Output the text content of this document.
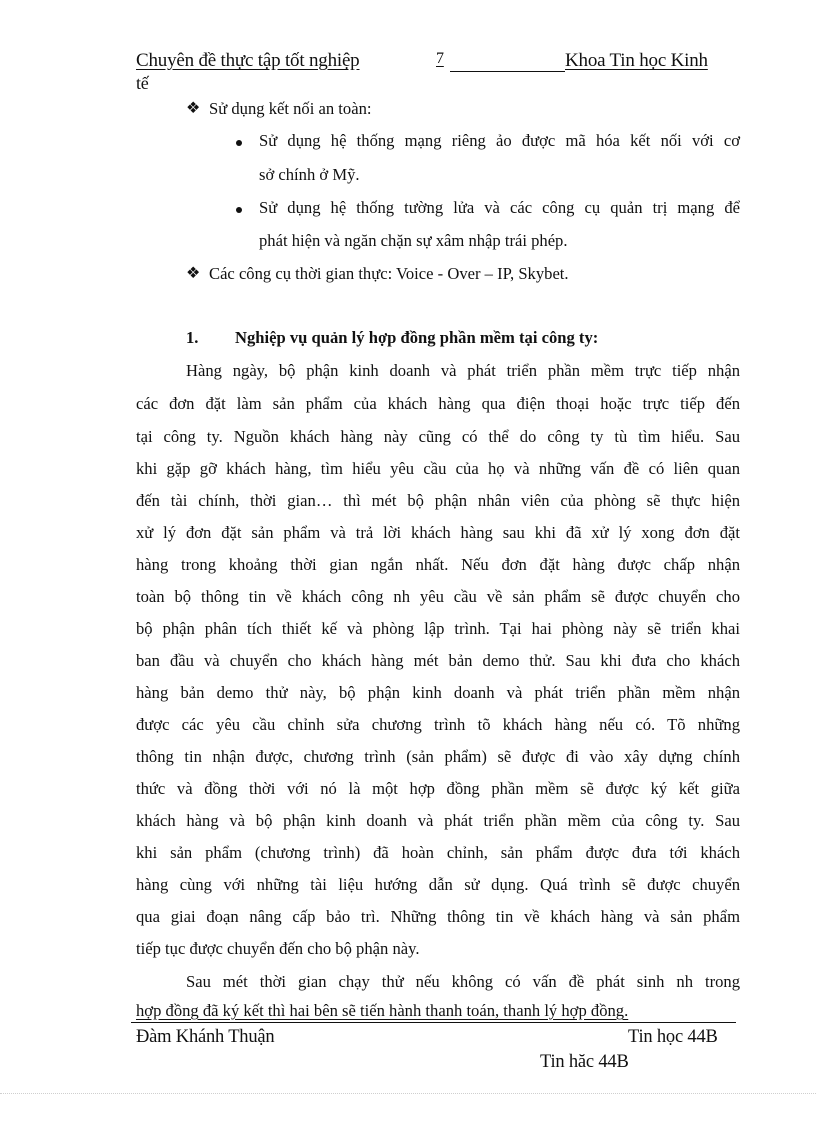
Chuyên đề thực tập tốt nghiệp	7	Khoa Tin học Kinh
tế
❖ Sử dụng kết nối an toàn:
Sử dụng hệ thống mạng riêng ảo được mã hóa kết nối với cơ
sở chính ở Mỹ.
Sử dụng hệ thống tường lửa và các công cụ quản trị mạng để
phát hiện và ngăn chặn sự xâm nhập trái phép.
❖ Các công cụ thời gian thực: Voice - Over – IP, Skybet.
1. Nghiệp vụ quản lý hợp đồng phần mềm tại công ty:
Hàng ngày, bộ phận kinh doanh và phát triển phần mềm trực tiếp nhận
các đơn đặt làm sản phẩm của khách hàng qua điện thoại hoặc trực tiếp đến
tại công ty. Nguồn khách hàng này cũng có thể do công ty tù tìm hiểu. Sau
khi gặp gỡ khách hàng, tìm hiểu yêu cầu của họ và những vấn đề có liên quan
đến tài chính, thời gian… thì mét bộ phận nhân viên của phòng sẽ thực hiện
xử lý đơn đặt sản phẩm và trả lời khách hàng sau khi đã xử lý xong đơn đặt
hàng trong khoảng thời gian ngắn nhất. Nếu đơn đặt hàng được chấp nhận
toàn bộ thông tin về khách công nh yêu cầu về sản phẩm sẽ được chuyển cho
bộ phận phân tích thiết kế và phòng lập trình. Tại hai phòng này sẽ triển khai
ban đầu và chuyển cho khách hàng mét bản demo thử. Sau khi đưa cho khách
hàng bản demo thử này, bộ phận kinh doanh và phát triển phần mềm nhận
được các yêu cầu chỉnh sửa chương trình tõ khách hàng nếu có. Tõ những
thông tin nhận được, chương trình (sản phẩm) sẽ được đi vào xây dựng chính
thức và đồng thời với nó là một hợp đồng phần mềm sẽ được ký kết giữa
khách hàng và bộ phận kinh doanh và phát triển phần mềm của công ty. Sau
khi sản phẩm (chương trình) đã hoàn chỉnh, sản phẩm được đưa tới khách
hàng cùng với những tài liệu hướng dẫn sử dụng. Quá trình sẽ được chuyển
qua giai đoạn nâng cấp bảo trì. Những thông tin về khách hàng và sản phẩm
tiếp tục được chuyển đến cho bộ phận này.
Sau mét thời gian chạy thử nếu không có vấn đề phát sinh nh trong
hợp đồng đã ký kết thì hai bên sẽ tiến hành thanh toán, thanh lý hợp đồng.
Đàm Khánh Thuận	Tin học 44B
Tin hăc 44B
